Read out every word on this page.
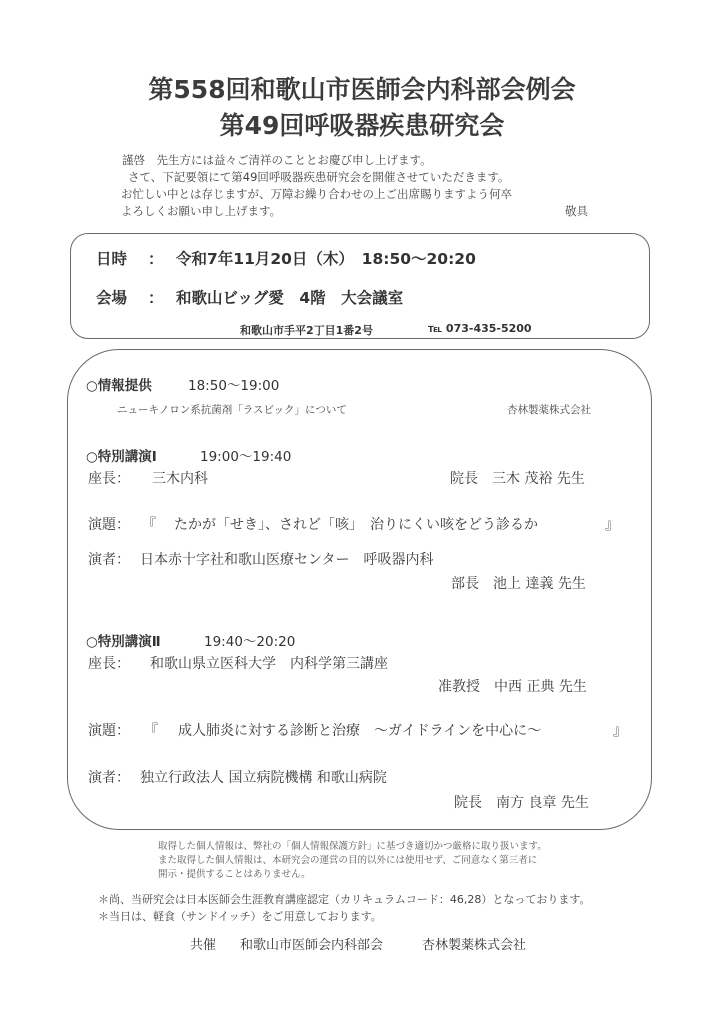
第558回和歌山市医師会内科部会例会
第49回呼吸器疾患研究会
謹啓　先生方には益々ご清祥のこととお慶び申し上げます。
さて、下記要領にて第49回呼吸器疾患研究会を開催させていただきます。
お忙しい中とは存じますが、万障お繰り合わせの上ご出席賜りますよう何卒
よろしくお願い申し上げます。	敬具
日時 ： 令和7年11月20日（木）　18:50～20:20
会場 ： 和歌山ビッグ愛　4階　大会議室
和歌山市手平2丁目1番2号	℡ 073-435-5200
○情報提供	18:50～19:00
ニューキノロン系抗菌剤「ラスビック」について	杏林製薬株式会社
○特別講演Ⅰ	19:00～19:40
座長： 三木内科	院長　三木 茂裕 先生
演題： 『 たかが「せき」、されど「咳」　治りにくい咳をどう診るか	』
演者： 日本赤十字社和歌山医療センター　呼吸器内科
部長　池上 達義 先生
○特別講演Ⅱ	19:40～20:20
座長： 和歌山県立医科大学　内科学第三講座
准教授　中西 正典 先生
演題： 『 成人肺炎に対する診断と治療　～ガイドラインを中心に～	』
演者： 独立行政法人 国立病院機構 和歌山病院
院長　南方 良章 先生
取得した個人情報は、弊社の「個人情報保護方針」に基づき適切かつ厳格に取り扱います。
また取得した個人情報は、本研究会の運営の目的以外には使用せず、ご同意なく第三者に
開示・提供することはありません。
＊尚、当研究会は日本医師会生涯教育講座認定（カリキュラムコード：46,28）となっております。
＊当日は、軽食（サンドイッチ）をご用意しております。
共催 和歌山市医師会内科部会	杏林製薬株式会社
